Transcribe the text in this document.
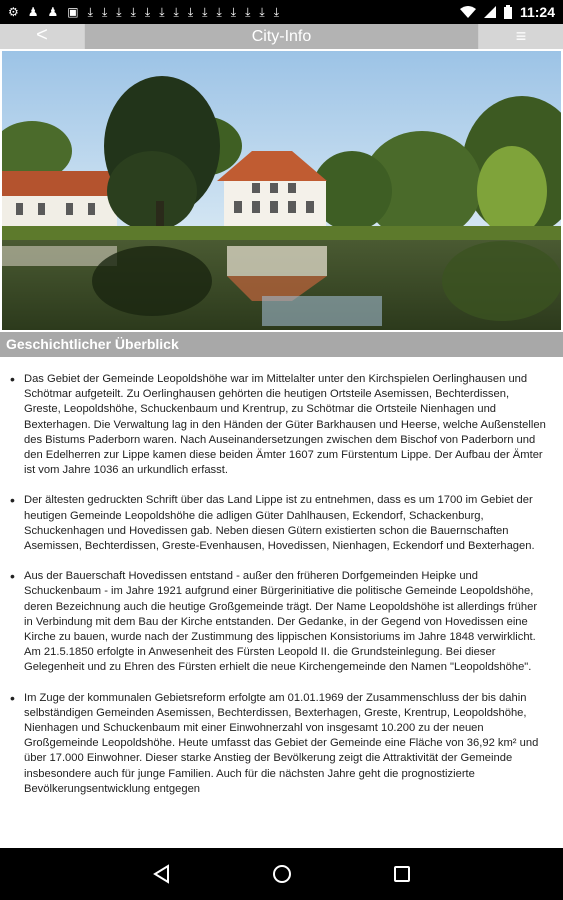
⚙ ♟ ♟ ▣ ⤓ ⤓ ⤓ ⤓ ⤓ ⤓ ⤓ ⤓ ⤓ ⤓ ⤓ ⤓ ⤓ ⤓	11:24
<	City-Info	≡
Geschichtlicher Überblick
• Das Gebiet der Gemeinde Leopoldshöhe war im Mittelalter unter den Kirchspielen Oerlinghausen und Schötmar aufgeteilt. Zu Oerlinghausen gehörten die heutigen Ortsteile Asemissen, Bechterdissen, Greste, Leopoldshöhe, Schuckenbaum und Krentrup, zu Schötmar die Ortsteile Nienhagen und Bexterhagen. Die Verwaltung lag in den Händen der Güter Barkhausen und Heerse, welche Außenstellen des Bistums Paderborn waren. Nach Auseinandersetzungen zwischen dem Bischof von Paderborn und den Edelherren zur Lippe kamen diese beiden Ämter 1607 zum Fürstentum Lippe. Der Aufbau der Ämter ist vom Jahre 1036 an urkundlich erfasst.
• Der ältesten gedruckten Schrift über das Land Lippe ist zu entnehmen, dass es um 1700 im Gebiet der heutigen Gemeinde Leopoldshöhe die adligen Güter Dahlhausen, Eckendorf, Schackenburg, Schuckenhagen und Hovedissen gab. Neben diesen Gütern existierten schon die Bauernschaften Asemissen, Bechterdissen, Greste-Evenhausen, Hovedissen, Nienhagen, Eckendorf und Bexterhagen.
• Aus der Bauerschaft Hovedissen entstand - außer den früheren Dorfgemeinden Heipke und Schuckenbaum - im Jahre 1921 aufgrund einer Bürgerinitiative die politische Gemeinde Leopoldshöhe, deren Bezeichnung auch die heutige Großgemeinde trägt. Der Name Leopoldshöhe ist allerdings früher in Verbindung mit dem Bau der Kirche entstanden. Der Gedanke, in der Gegend von Hovedissen eine Kirche zu bauen, wurde nach der Zustimmung des lippischen Konsistoriums im Jahre 1848 verwirklicht. Am 21.5.1850 erfolgte in Anwesenheit des Fürsten Leopold II. die Grundsteinlegung. Bei dieser Gelegenheit und zu Ehren des Fürsten erhielt die neue Kirchengemeinde den Namen "Leopoldshöhe".
• Im Zuge der kommunalen Gebietsreform erfolgte am 01.01.1969 der Zusammenschluss der bis dahin selbständigen Gemeinden Asemissen, Bechterdissen, Bexterhagen, Greste, Krentrup, Leopoldshöhe, Nienhagen und Schuckenbaum mit einer Einwohnerzahl von insgesamt 10.200 zu der neuen Großgemeinde Leopoldshöhe. Heute umfasst das Gebiet der Gemeinde eine Fläche von 36,92 km² und über 17.000 Einwohner. Dieser starke Anstieg der Bevölkerung zeigt die Attraktivität der Gemeinde insbesondere auch für junge Familien. Auch für die nächsten Jahre geht die prognostizierte Bevölkerungsentwicklung entgegen
